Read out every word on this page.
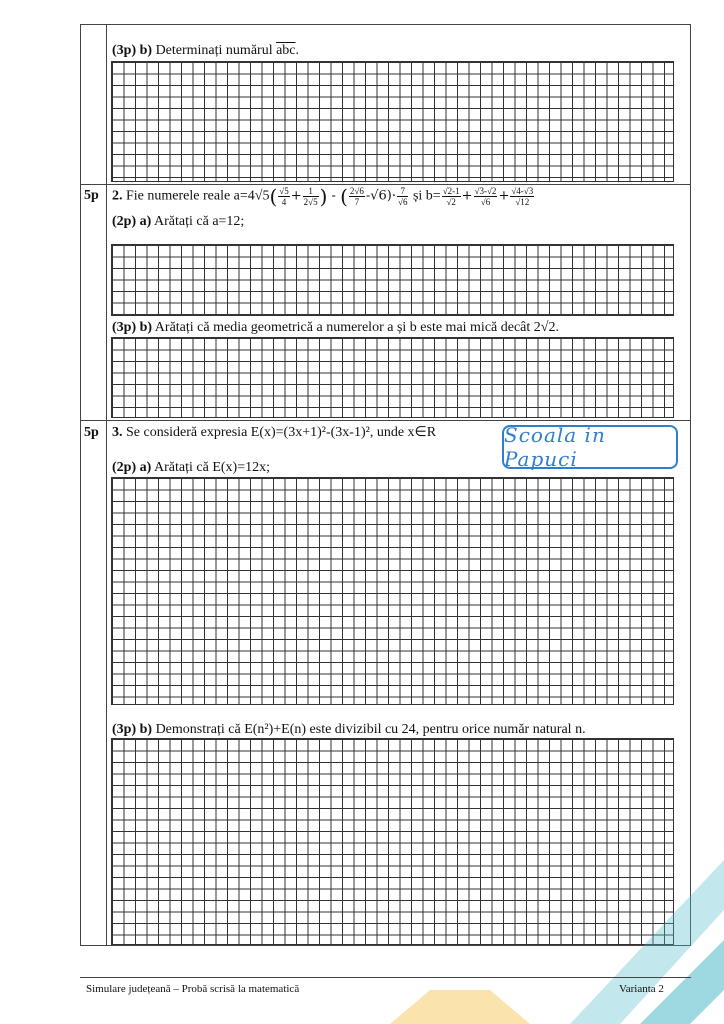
(3p) b) Determinați numărul $\overline{abc}$.
5p 2. Fie numerele reale $a=4√5( \frac{√5}{4} + \frac{1}{2√5}$ ) - ( $\frac{2√6}{7} -√6)\cdot \frac{7}{√6}$ și $b= \frac{√2-1}{√2} + \frac{√3-√2}{√6} + \frac{√4-√3}{√12}$
(2p) a) Arătați că a=12;
(3p) b) Arătați că media geometrică a numerelor a și b este mai mică decât 2√2.
5p 3. Se consideră expresia E(x)=(3x+1)²-(3x-1)², unde x∈R
(2p) a) Arătați că E(x)=12x;
(3p) b) Demonstrați că E(n²)+E(n) este divizibil cu 24, pentru orice număr natural n.
Scoala in Papuci
Simulare județeană – Probă scrisă la matematică	Varianta 2
